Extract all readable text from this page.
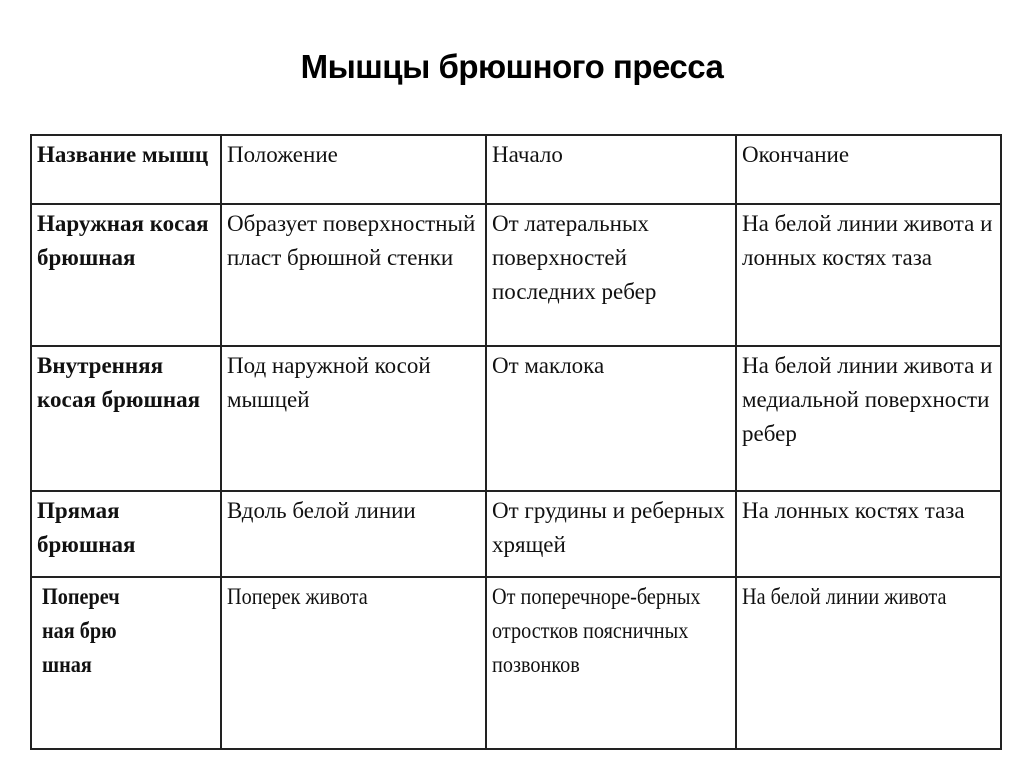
Мышцы брюшного пресса
Название мышц	Положение	Начало	Окончание

Наружная косая брюшная	Образует поверхностный пласт брюшной стенки	От латеральных поверхностей последних ребер	На белой линии живота и лонных костях таза

Внутренняя косая брюшная	Под наружной косой мышцей	От маклока	На белой линии живота и медиальной поверхности ребер

Прямая брюшная	Вдоль белой линии	От грудины и реберных хрящей	На лонных костях таза

Поперечная брюшная	Поперек живота	От поперечноре-берных отростков поясничных позвонков	На белой линии живота
